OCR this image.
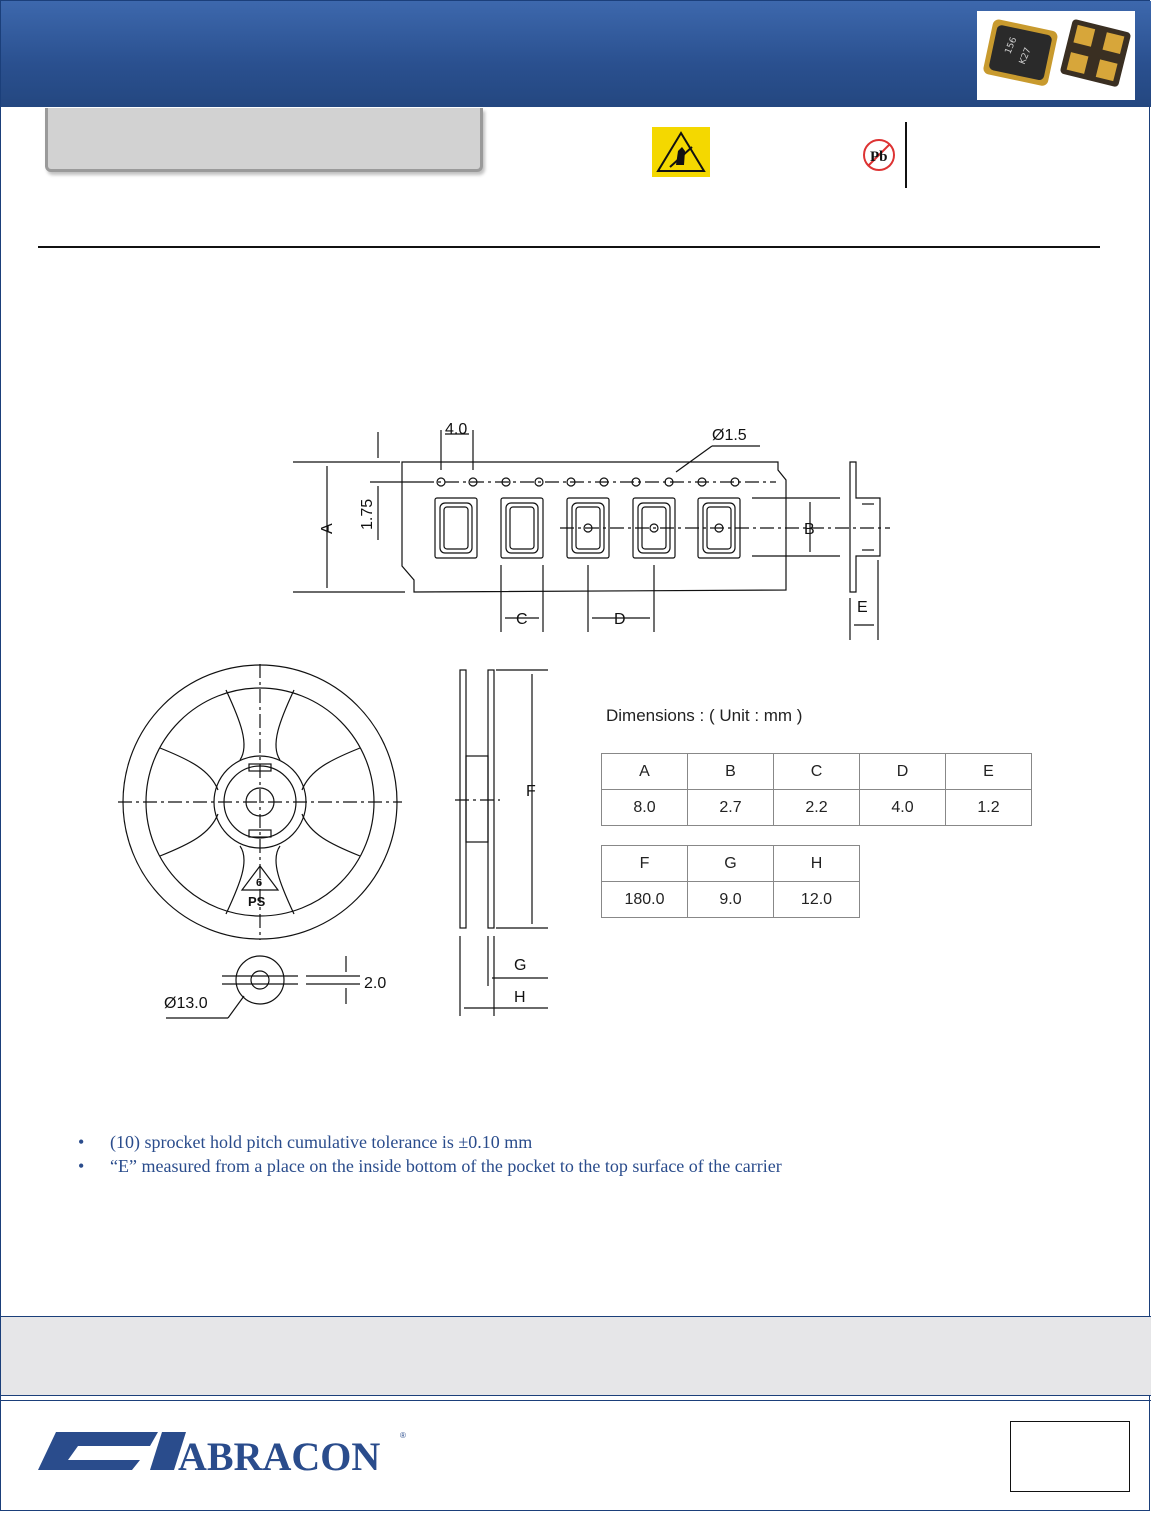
156
K27
Pb
4.0	Ø1.5
1.75
A	B
C	D
E
F
G
H
Ø13.0
2.0
PS
6
Dimensions : ( Unit : mm )
A	B	C	D	E
8.0	2.7	2.2	4.0	1.2
F	G	H
180.0	9.0	12.0
•	(10) sprocket hold pitch cumulative tolerance is ±0.10 mm
•	“E” measured from a place on the inside bottom of the pocket to the top surface of the carrier
ABRACON ®
